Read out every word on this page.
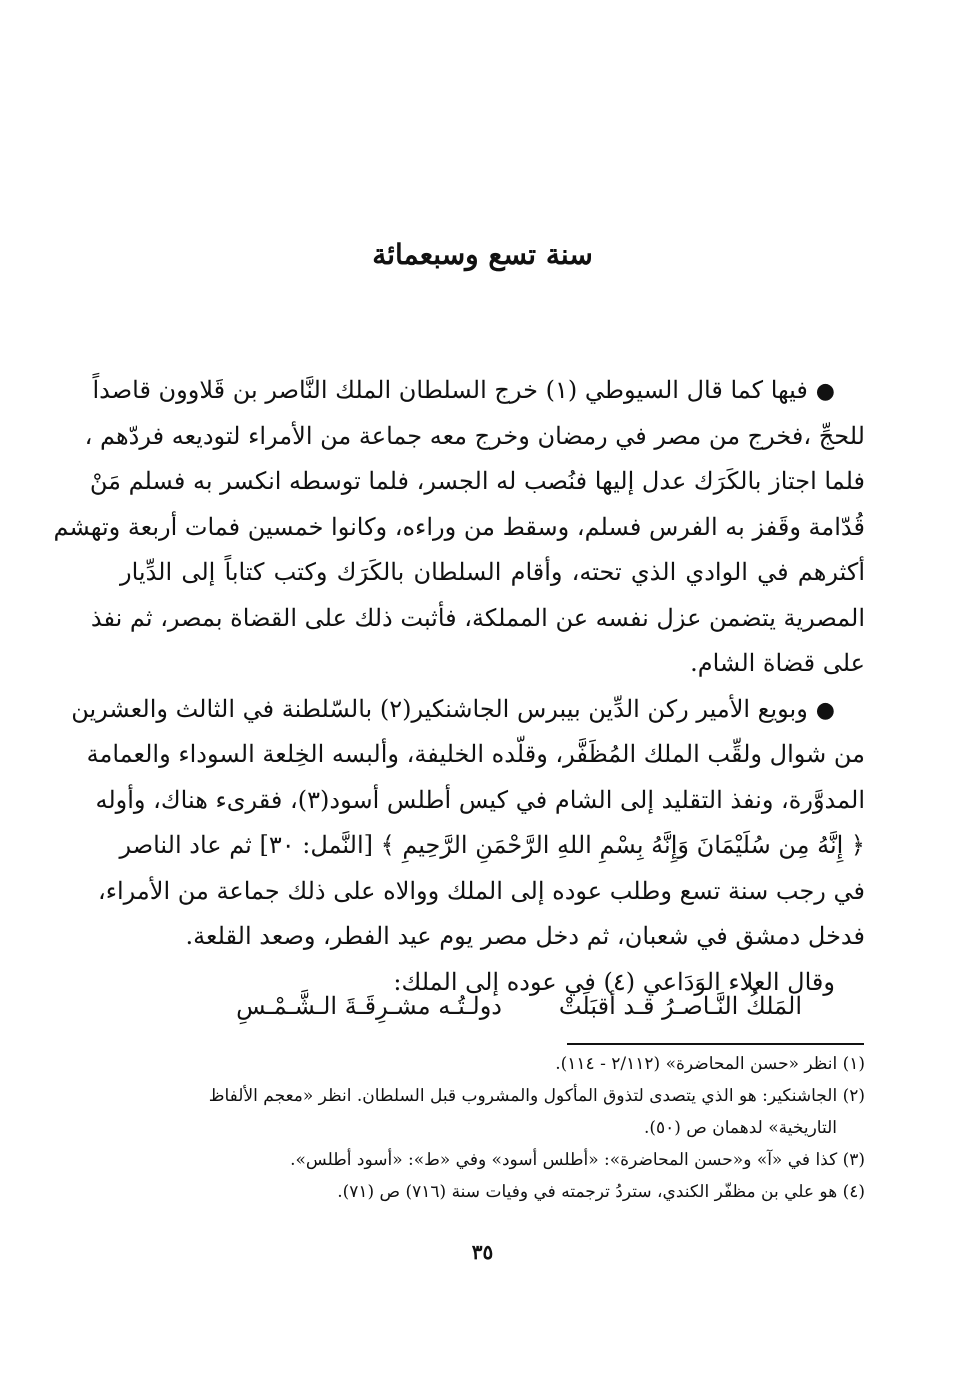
سنة تسع وسبعمائة
●فيها كما قال السيوطي (١) خرج السلطان الملك النَّاصر بن قَلاوون قاصداً
للحجِّ ،فخرج من مصر في رمضان وخرج معه جماعة من الأمراء لتوديعه فردّهم ،
فلما اجتاز بالكَرَك عدل إليها فنُصب له الجسر، فلما توسطه انكسر به فسلم مَنْ
قُدّامة وقَفز به الفرس فسلم، وسقط من وراءه، وكانوا خمسين فمات أربعة وتهشم
أكثرهم في الوادي الذي تحته، وأقام السلطان بالكَرَك وكتب كتاباً إلى الدِّيار
المصرية يتضمن عزل نفسه عن المملكة، فأثبت ذلك على القضاة بمصر، ثم نفذ
على قضاة الشام.
●وبويع الأمير ركن الدِّين بيبرس الجاشنكير(٢) بالسّلطنة في الثالث والعشرين
من شوال ولقِّب الملك المُظَفَّر، وقلّده الخليفة، وألبسه الخِلعة السوداء والعمامة
المدوَّرة، ونفذ التقليد إلى الشام في كيس أطلس أسود(٣)، فقرىء هناك، وأوله
﴿ إِنَّهُ مِن سُلَيْمَانَ وَإِنَّهُ بِسْمِ اللهِ الرَّحْمَنِ الرَّحِيمِ ﴾ [النَّمل: ٣٠] ثم عاد الناصر
في رجب سنة تسع وطلب عوده إلى الملك ووالاه على ذلك جماعة من الأمراء،
فدخل دمشق في شعبان، ثم دخل مصر يوم عيد الفطر، وصعد القلعة.
وقال العلاء الوَدَاعي (٤) في عوده إلى الملك:
المَلكُ النَّـاصـرُ قـد أقبَلَتْ
دولـتُـه مشـرِقَـةَ الـشَّـمْـسِ
(١) انظر «حسن المحاضرة» (٢/١١٢ - ١١٤).
(٢) الجاشنكير: هو الذي يتصدى لتذوق المأكول والمشروب قبل السلطان. انظر «معجم الألفاظ
التاريخية» لدهمان ص (٥٠).
(٣) كذا في «آ» و«حسن المحاضرة»: «أطلس أسود» وفي «ط»: «أسود أطلس».
(٤) هو علي بن مظفّر الكندي، ستردُ ترجمته في وفيات سنة (٧١٦) ص (٧١).
٣٥
